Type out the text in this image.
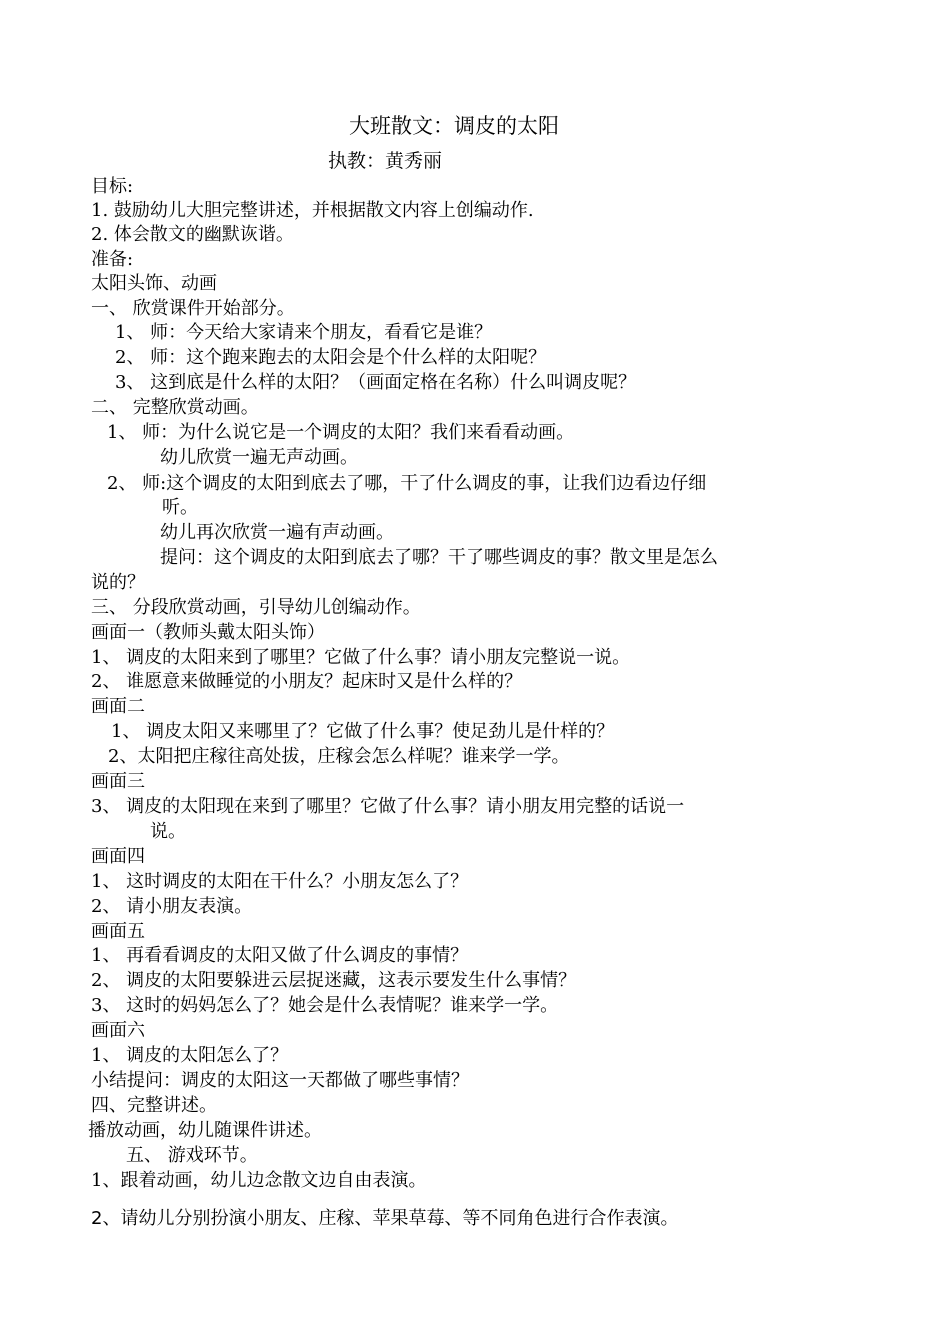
大班散文：调皮的太阳
执教：黄秀丽
目标:
1. 鼓励幼儿大胆完整讲述，并根据散文内容上创编动作.
2. 体会散文的幽默诙谐。
准备:
太阳头饰、动画
一、 欣赏课件开始部分。
1、 师：今天给大家请来个朋友，看看它是谁？
2、 师：这个跑来跑去的太阳会是个什么样的太阳呢？
3、 这到底是什么样的太阳？（画面定格在名称）什么叫调皮呢？
二、 完整欣赏动画。
1、 师：为什么说它是一个调皮的太阳？我们来看看动画。
幼儿欣赏一遍无声动画。
2、 师:这个调皮的太阳到底去了哪，干了什么调皮的事，让我们边看边仔细
听。
幼儿再次欣赏一遍有声动画。
提问：这个调皮的太阳到底去了哪？干了哪些调皮的事？散文里是怎么
说的？
三、 分段欣赏动画，引导幼儿创编动作。
画面一（教师头戴太阳头饰）
1、 调皮的太阳来到了哪里？它做了什么事？请小朋友完整说一说。
2、 谁愿意来做睡觉的小朋友？起床时又是什么样的？
画面二
1、 调皮太阳又来哪里了？它做了什么事？使足劲儿是什样的？
2、太阳把庄稼往高处拔，庄稼会怎么样呢？谁来学一学。
画面三
3、 调皮的太阳现在来到了哪里？它做了什么事？请小朋友用完整的话说一
说。
画面四
1、 这时调皮的太阳在干什么？小朋友怎么了？
2、 请小朋友表演。
画面五
1、 再看看调皮的太阳又做了什么调皮的事情？
2、 调皮的太阳要躲进云层捉迷藏，这表示要发生什么事情？
3、 这时的妈妈怎么了？她会是什么表情呢？谁来学一学。
画面六
1、 调皮的太阳怎么了？
小结提问：调皮的太阳这一天都做了哪些事情？
四、完整讲述。
播放动画，幼儿随课件讲述。
五、 游戏环节。
1、跟着动画，幼儿边念散文边自由表演。
2、请幼儿分别扮演小朋友、庄稼、苹果草莓、等不同角色进行合作表演。
